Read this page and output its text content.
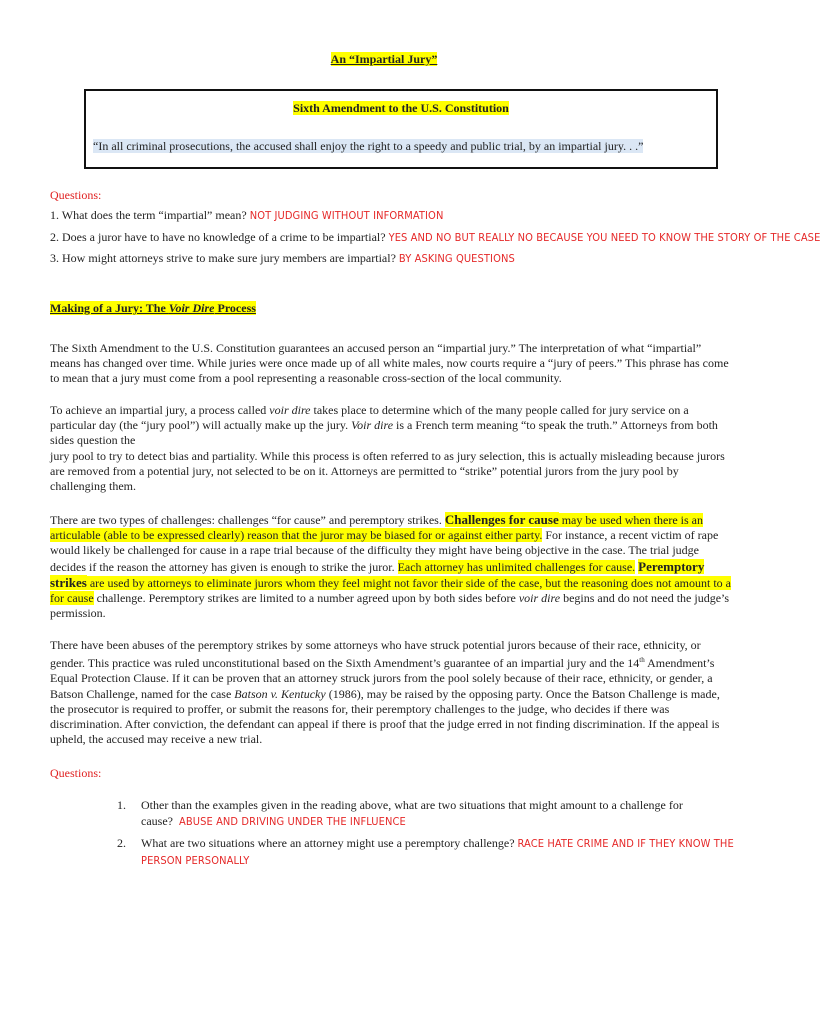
An “Impartial Jury”
Sixth Amendment to the U.S. Constitution
“In all criminal prosecutions, the accused shall enjoy the right to a speedy and public trial, by an impartial jury. . .”
Questions:
1. What does the term “impartial” mean? NOT JUDGING WITHOUT INFORMATION
2. Does a juror have to have no knowledge of a crime to be impartial? YES AND NO BUT REALLY NO BECAUSE YOU NEED TO KNOW THE STORY OF THE CASE
3. How might attorneys strive to make sure jury members are impartial? BY ASKING QUESTIONS
Making of a Jury: The Voir Dire Process
The Sixth Amendment to the U.S. Constitution guarantees an accused person an “impartial jury.” The interpretation of what “impartial” means has changed over time. While juries were once made up of all white males, now courts require a “jury of peers.” This phrase has come to mean that a jury must come from a pool representing a reasonable cross-section of the local community.
To achieve an impartial jury, a process called voir dire takes place to determine which of the many people called for jury service on a particular day (the “jury pool”) will actually make up the jury. Voir dire is a French term meaning “to speak the truth.” Attorneys from both sides question the
jury pool to try to detect bias and partiality. While this process is often referred to as jury selection, this is actually misleading because jurors are removed from a potential jury, not selected to be on it. Attorneys are permitted to “strike” potential jurors from the jury pool by challenging them.
There are two types of challenges: challenges “for cause” and peremptory strikes. Challenges for cause may be used when there is an articulable (able to be expressed clearly) reason that the juror may be biased for or against either party. For instance, a recent victim of rape would likely be challenged for cause in a rape trial because of the difficulty they might have being objective in the case. The trial judge decides if the reason the attorney has given is enough to strike the juror. Each attorney has unlimited challenges for cause. Peremptory strikes are used by attorneys to eliminate jurors whom they feel might not favor their side of the case, but the reasoning does not amount to a for cause challenge. Peremptory strikes are limited to a number agreed upon by both sides before voir dire begins and do not need the judge’s permission.
There have been abuses of the peremptory strikes by some attorneys who have struck potential jurors because of their race, ethnicity, or gender. This practice was ruled unconstitutional based on the Sixth Amendment’s guarantee of an impartial jury and the 14th Amendment’s Equal Protection Clause. If it can be proven that an attorney struck jurors from the pool solely because of their race, ethnicity, or gender, a Batson Challenge, named for the case Batson v. Kentucky (1986), may be raised by the opposing party. Once the Batson Challenge is made, the prosecutor is required to proffer, or submit the reasons for, their peremptory challenges to the judge, who decides if there was discrimination. After conviction, the defendant can appeal if there is proof that the judge erred in not finding discrimination. If the appeal is upheld, the accused may receive a new trial.
Questions:
1. Other than the examples given in the reading above, what are two situations that might amount to a challenge for cause? ABUSE AND DRIVING UNDER THE INFLUENCE
2. What are two situations where an attorney might use a peremptory challenge? RACE HATE CRIME AND IF THEY KNOW THE PERSON PERSONALLY
